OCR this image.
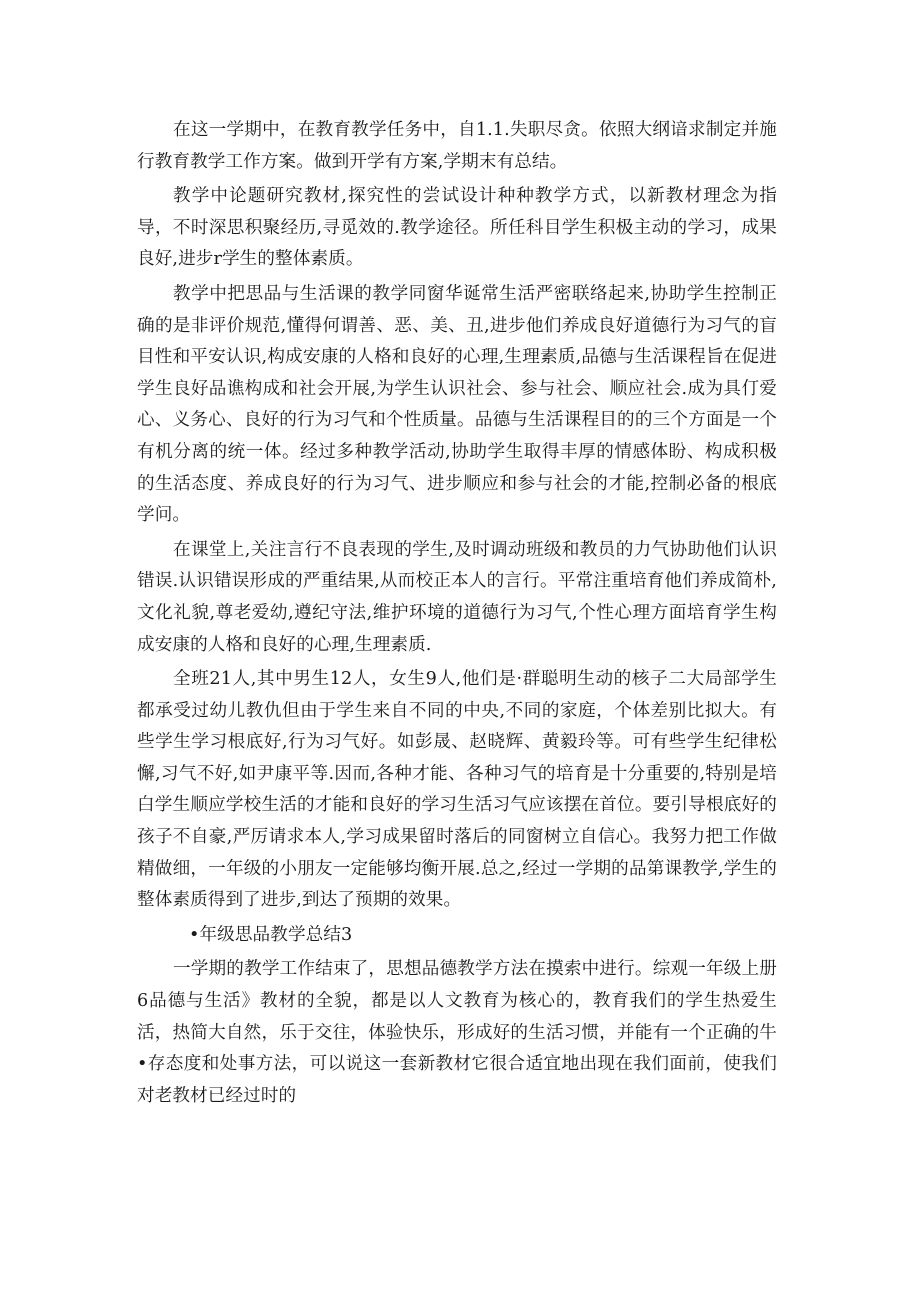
在这一学期中，在教育教学任务中，自1.1.失职尽贪。依照大纲谙求制定并施行教育教学工作方案。做到开学有方案,学期末有总结。

教学中论题研究教材,探究性的尝试设计种种教学方式，以新教材理念为指导，不时深思积聚经历,寻觅效的.教学途径。所任科目学生积极主动的学习，成果良好,进步r学生的整体素质。

教学中把思品与生活课的教学同窗华诞常生活严密联络起来,协助学生控制正确的是非评价规范,懂得何谓善、恶、美、丑,进步他们养成良好道德行为习气的盲目性和平安认识,构成安康的人格和良好的心理,生理素质,品德与生活课程旨在促进学生良好品谯构成和社会开展,为学生认识社会、参与社会、顺应社会.成为具仃爱心、义务心、良好的行为习气和个性质量。品德与生活课程目的的三个方面是一个有机分离的统一体。经过多种教学活动,协助学生取得丰厚的情感体盼、构成积极的生活态度、养成良好的行为习气、进步顺应和参与社会的才能,控制必备的根底学问。

在课堂上,关注言行不良表现的学生,及时调动班级和教员的力气协助他们认识错误.认识错误形成的严重结果,从而校正本人的言行。平常注重培育他们养成简朴,文化礼貌,尊老爱幼,遵纪守法,维护环境的道德行为习气,个性心理方面培育学生构成安康的人格和良好的心理,生理素质.

全班21人,其中男生12人，女生9人,他们是·群聪明生动的核子二大局部学生都承受过幼儿教仇但由于学生来自不同的中央,不同的家庭，个体差别比拟大。有些学生学习根底好,行为习气好。如彭晟、赵晓辉、黄毅玲等。可有些学生纪律松懈,习气不好,如尹康平等.因而,各种才能、各种习气的培育是十分重要的,特别是培白学生顺应学校生活的才能和良好的学习生活习气应该摆在首位。要引导根底好的孩子不自豪,严厉请求本人,学习成果留时落后的同窗树立自信心。我努力把工作做精做细，一年级的小朋友一定能够均衡开展.总之,经过一学期的品第课教学,学生的整体素质得到了进步,到达了预期的效果。

•年级思品教学总结3

一学期的教学工作结束了，思想品德教学方法在摸索中进行。综观一年级上册6品德与生活》教材的全貌，都是以人文教育为核心的，教育我们的学生热爱生活，热简大自然，乐于交往，体验快乐，形成好的生活习惯，并能有一个正确的牛•存态度和处事方法，可以说这一套新教材它很合适宜地出现在我们面前，使我们对老教材已经过时的
